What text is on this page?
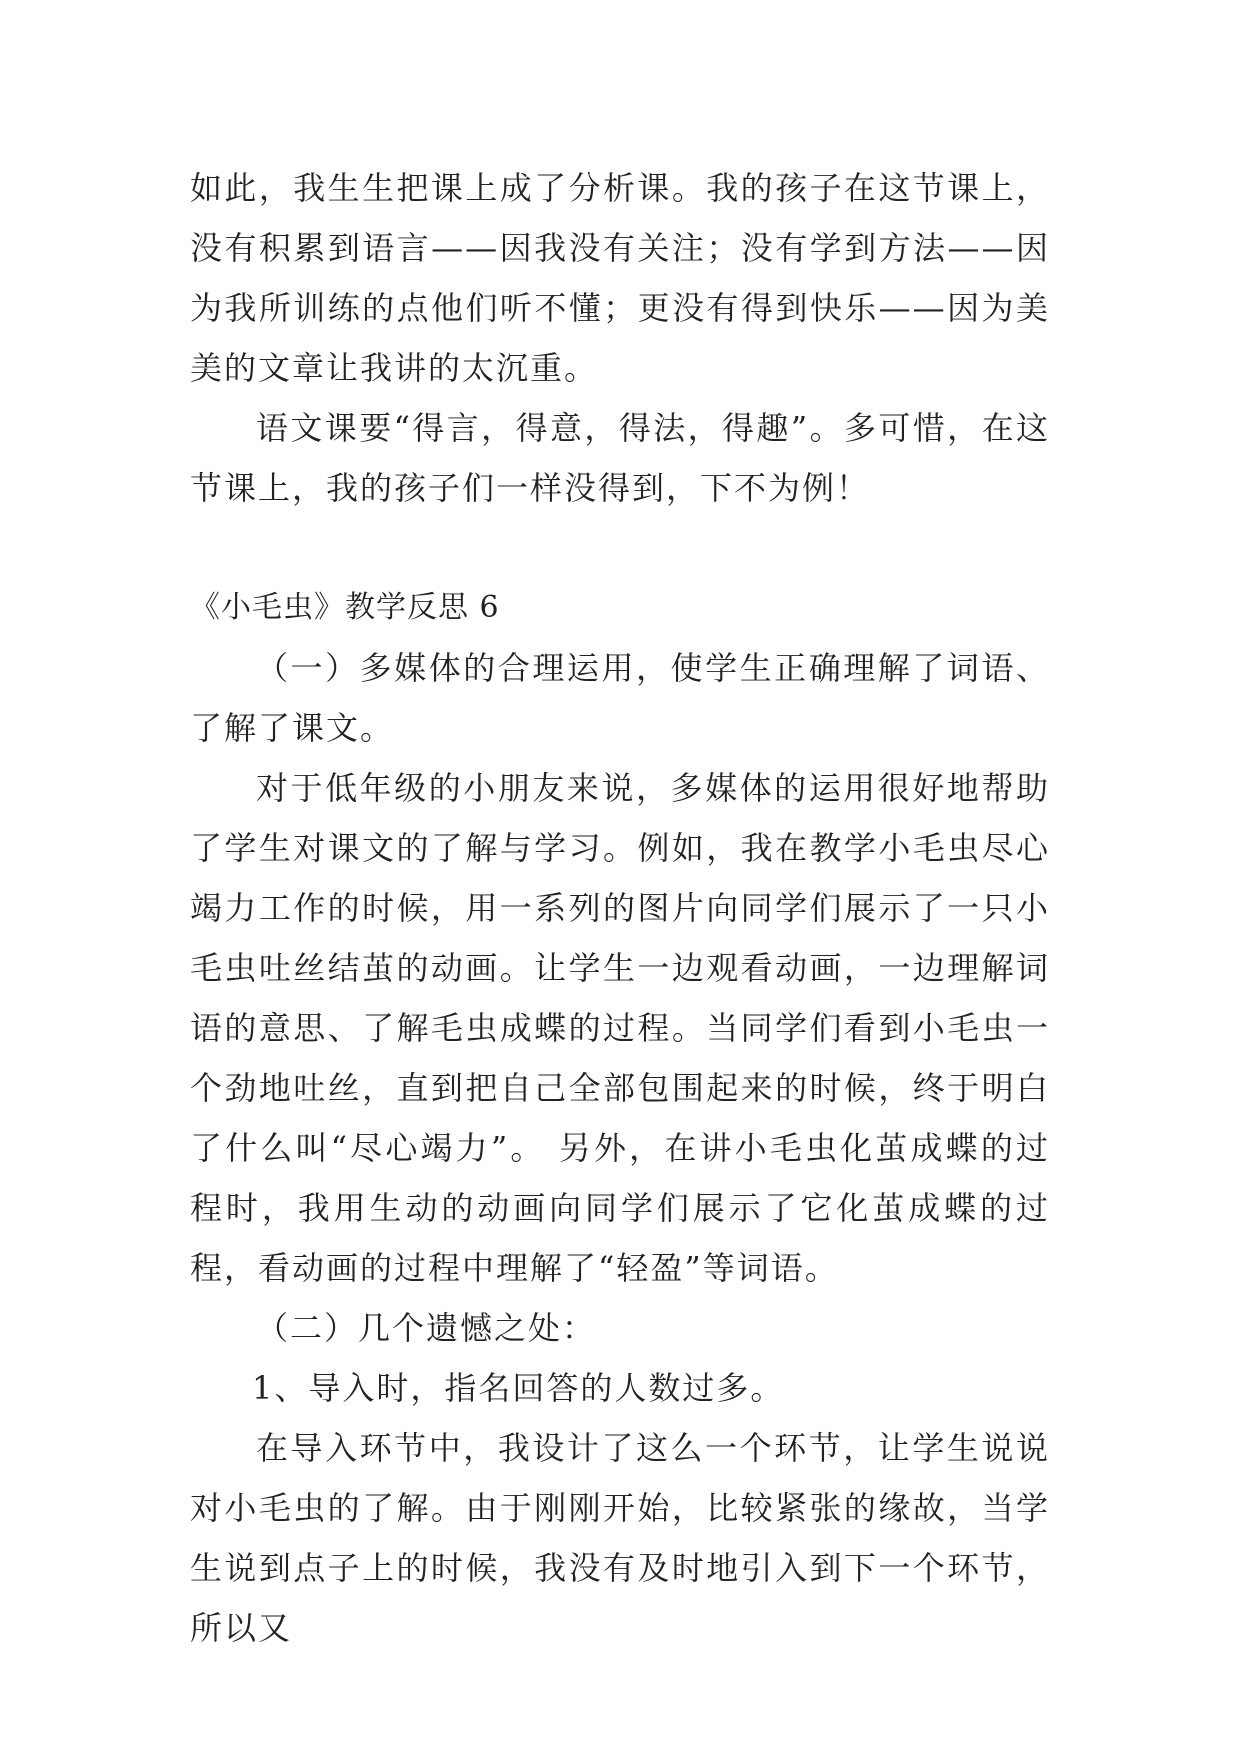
如此，我生生把课上成了分析课。我的孩子在这节课上，没有积累到语言——因我没有关注；没有学到方法——因为我所训练的点他们听不懂；更没有得到快乐——因为美美的文章让我讲的太沉重。

语文课要“得言，得意，得法，得趣”。多可惜，在这节课上，我的孩子们一样没得到，下不为例！

《小毛虫》教学反思 6

（一）多媒体的合理运用，使学生正确理解了词语、了解了课文。

对于低年级的小朋友来说，多媒体的运用很好地帮助了学生对课文的了解与学习。例如，我在教学小毛虫尽心竭力工作的时候，用一系列的图片向同学们展示了一只小毛虫吐丝结茧的动画。让学生一边观看动画，一边理解词语的意思、了解毛虫成蝶的过程。当同学们看到小毛虫一个劲地吐丝，直到把自己全部包围起来的时候，终于明白了什么叫“尽心竭力”。 另外，在讲小毛虫化茧成蝶的过程时，我用生动的动画向同学们展示了它化茧成蝶的过程，看动画的过程中理解了“轻盈”等词语。

（二）几个遗憾之处：

1、导入时，指名回答的人数过多。

在导入环节中，我设计了这么一个环节，让学生说说对小毛虫的了解。由于刚刚开始，比较紧张的缘故，当学生说到点子上的时候，我没有及时地引入到下一个环节，所以又
